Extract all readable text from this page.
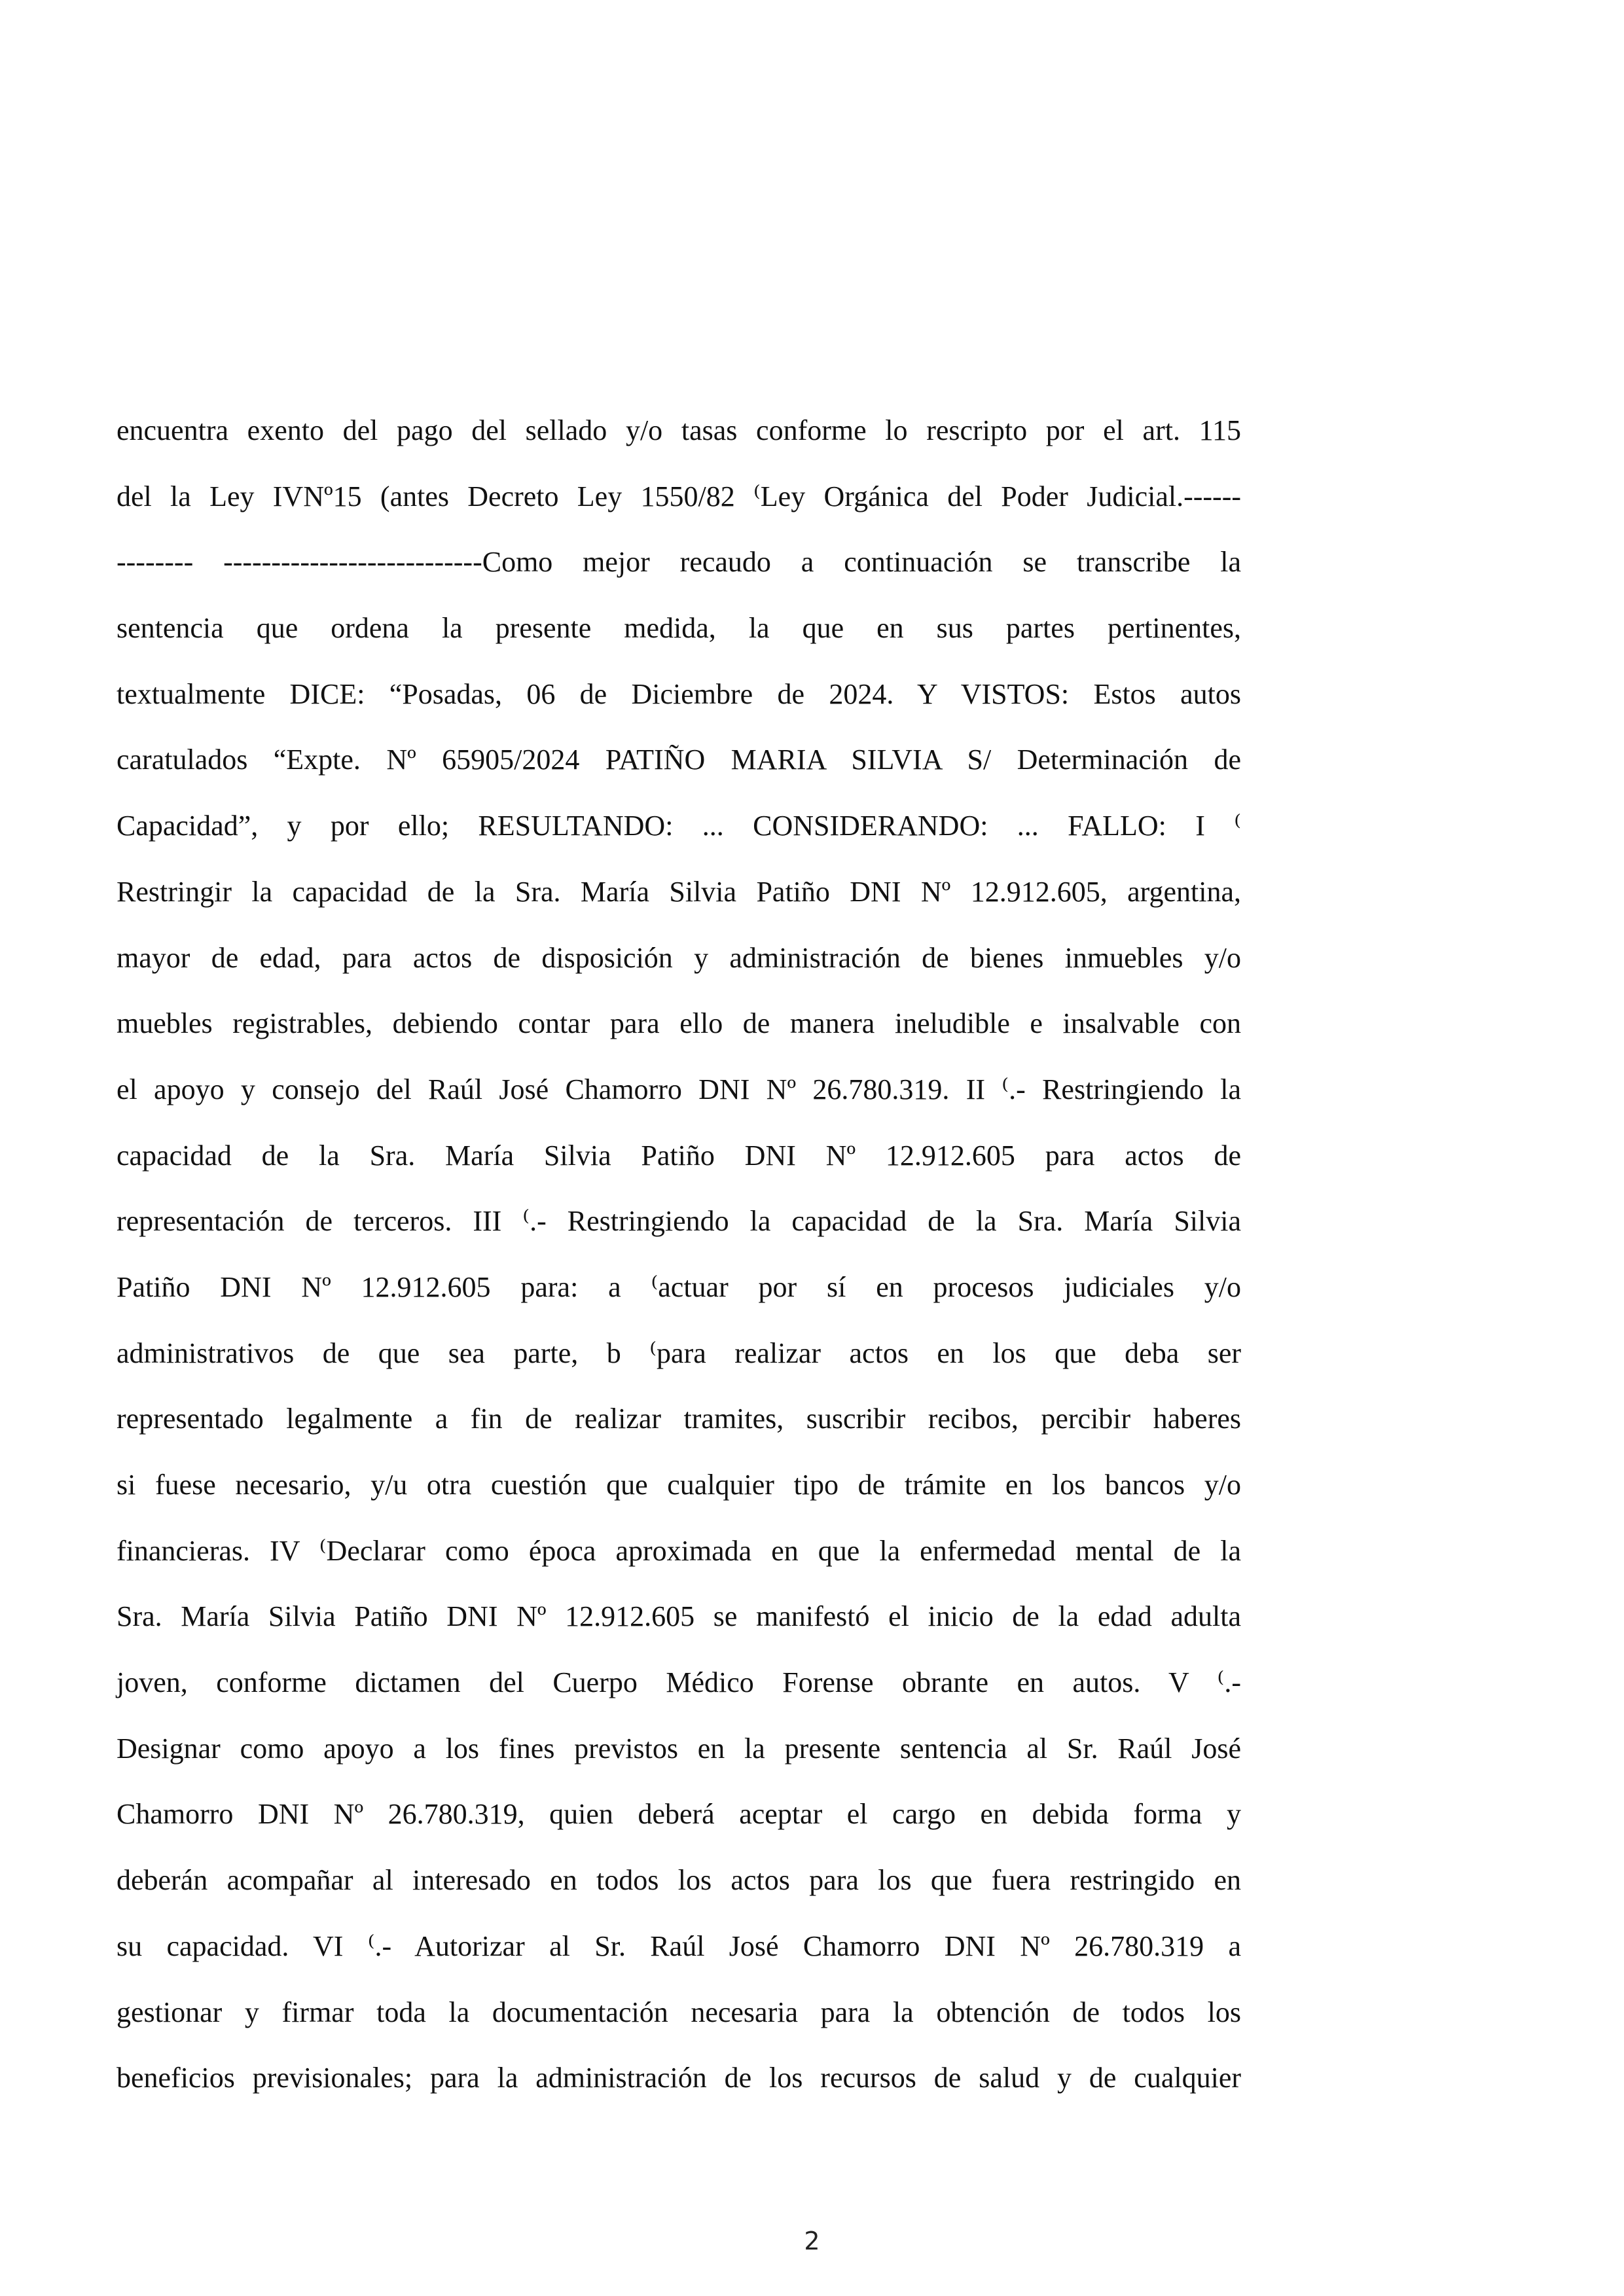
encuentra exento del pago del sellado y/o tasas conforme lo rescripto por el art. 115
del la Ley IVNº15 (antes Decreto Ley 1550/82 ⁽Ley Orgánica del Poder Judicial.------
-------- ---------------------------Como mejor recaudo a continuación se transcribe la
sentencia que ordena la presente medida, la que en sus partes pertinentes,
textualmente DICE: “Posadas, 06 de Diciembre de 2024. Y VISTOS: Estos autos
caratulados “Expte. Nº 65905/2024 PATIÑO MARIA SILVIA S/ Determinación de
Capacidad”, y por ello; RESULTANDO: ... CONSIDERANDO: ... FALLO: I ⁽
Restringir la capacidad de la Sra. María Silvia Patiño DNI Nº 12.912.605, argentina,
mayor de edad, para actos de disposición y administración de bienes inmuebles y/o
muebles registrables, debiendo contar para ello de manera ineludible e insalvable con
el apoyo y consejo del Raúl José Chamorro DNI Nº 26.780.319. II ⁽.- Restringiendo la
capacidad de la Sra. María Silvia Patiño DNI Nº 12.912.605 para actos de
representación de terceros. III ⁽.- Restringiendo la capacidad de la Sra. María Silvia
Patiño DNI Nº 12.912.605 para: a ⁽actuar por sí en procesos judiciales y/o
administrativos de que sea parte, b ⁽para realizar actos en los que deba ser
representado legalmente a fin de realizar tramites, suscribir recibos, percibir haberes
si fuese necesario, y/u otra cuestión que cualquier tipo de trámite en los bancos y/o
financieras. IV ⁽Declarar como época aproximada en que la enfermedad mental de la
Sra. María Silvia Patiño DNI Nº 12.912.605 se manifestó el inicio de la edad adulta
joven, conforme dictamen del Cuerpo Médico Forense obrante en autos. V ⁽.-
Designar como apoyo a los fines previstos en la presente sentencia al Sr. Raúl José
Chamorro DNI Nº 26.780.319, quien deberá aceptar el cargo en debida forma y
deberán acompañar al interesado en todos los actos para los que fuera restringido en
su capacidad. VI ⁽.- Autorizar al Sr. Raúl José Chamorro DNI Nº 26.780.319 a
gestionar y firmar toda la documentación necesaria para la obtención de todos los
beneficios previsionales; para la administración de los recursos de salud y de cualquier
2
